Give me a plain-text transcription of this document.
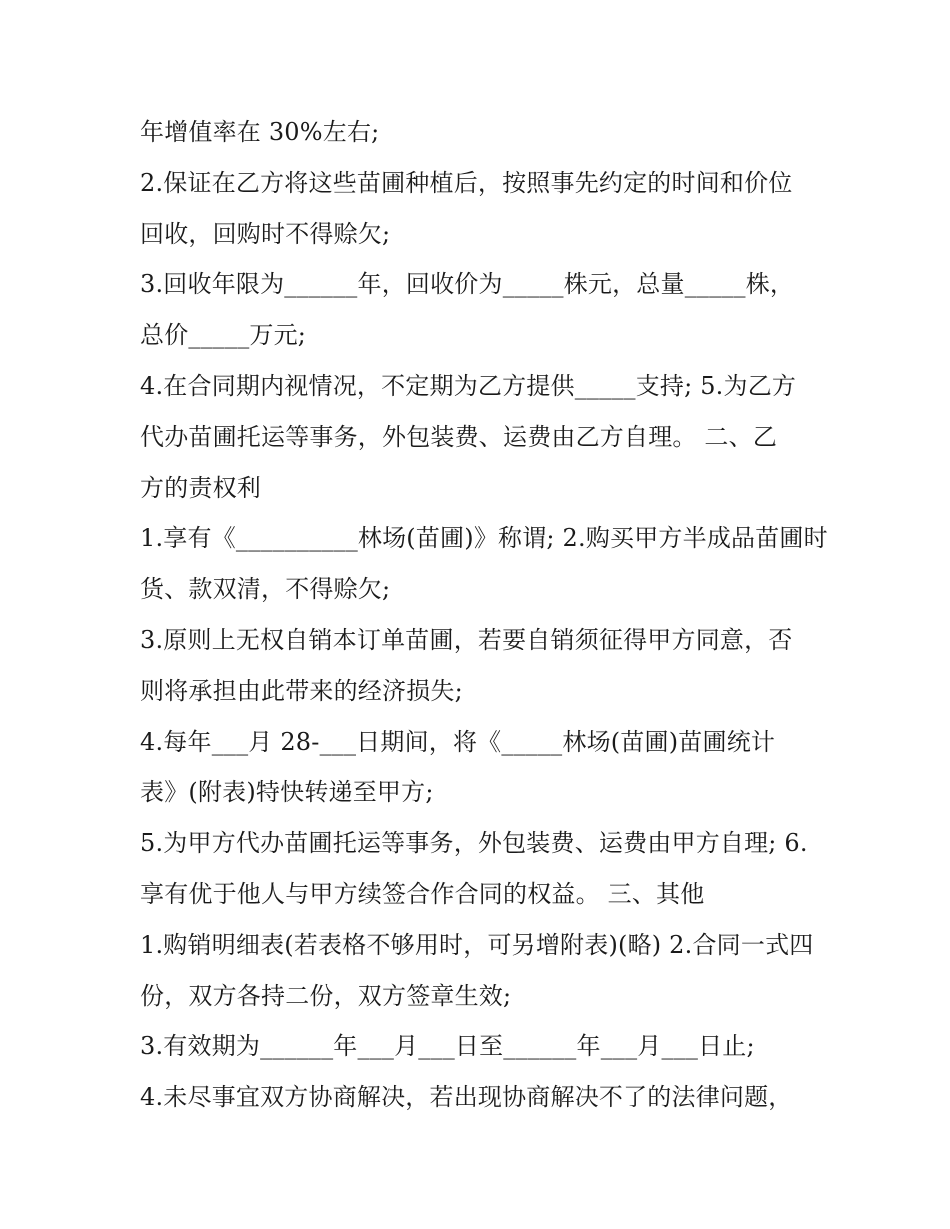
年增值率在 30%左右;
2.保证在乙方将这些苗圃种植后，按照事先约定的时间和价位
回收，回购时不得赊欠;
3.回收年限为______年，回收价为_____株元，总量_____株，
总价_____万元;
4.在合同期内视情况，不定期为乙方提供_____支持; 5.为乙方
代办苗圃托运等事务，外包装费、运费由乙方自理。 二、乙
方的责权利
1.享有《__________林场(苗圃)》称谓; 2.购买甲方半成品苗圃时
货、款双清，不得赊欠;
3.原则上无权自销本订单苗圃，若要自销须征得甲方同意，否
则将承担由此带来的经济损失;
4.每年___月 28-___日期间，将《_____林场(苗圃)苗圃统计
表》(附表)特快转递至甲方;
5.为甲方代办苗圃托运等事务，外包装费、运费由甲方自理; 6.
享有优于他人与甲方续签合作合同的权益。 三、其他
1.购销明细表(若表格不够用时，可另增附表)(略) 2.合同一式四
份，双方各持二份，双方签章生效;
3.有效期为______年___月___日至______年___月___日止;
4.未尽事宜双方协商解决，若出现协商解决不了的法律问题，
